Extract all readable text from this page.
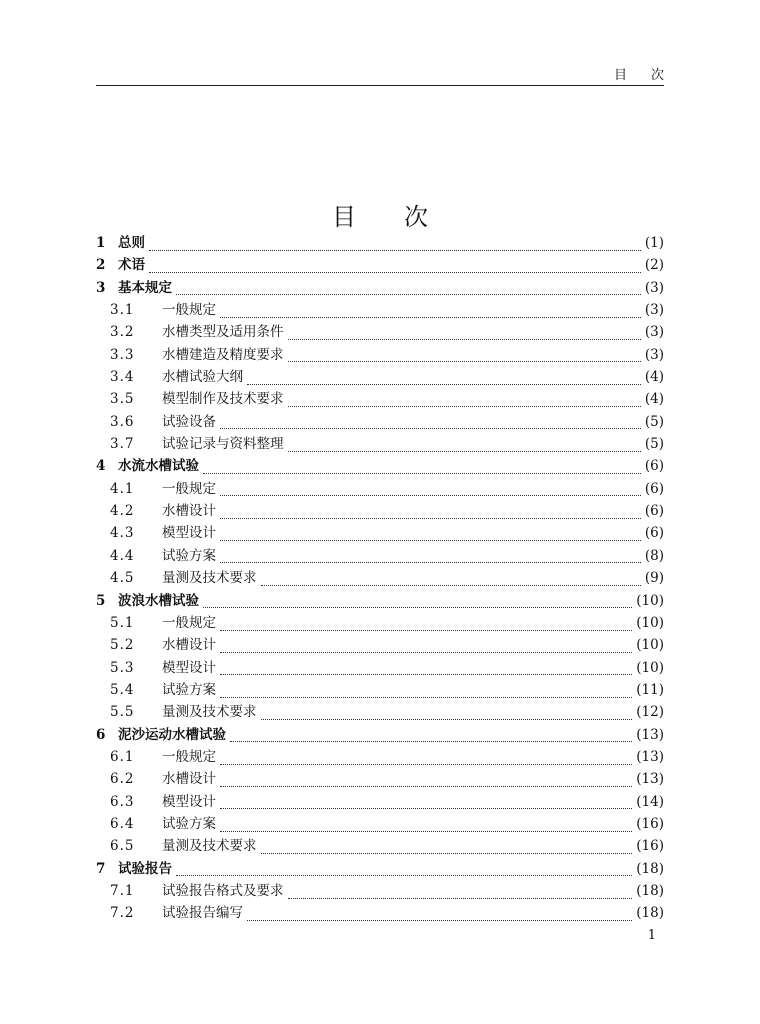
目次
目次
1 总则	(1)
2 术语	(2)
3 基本规定	(3)
3.1	一般规定	(3)
3.2	水槽类型及适用条件	(3)
3.3	水槽建造及精度要求	(3)
3.4	水槽试验大纲	(4)
3.5	模型制作及技术要求	(4)
3.6	试验设备	(5)
3.7	试验记录与资料整理	(5)
4 水流水槽试验	(6)
4.1	一般规定	(6)
4.2	水槽设计	(6)
4.3	模型设计	(6)
4.4	试验方案	(8)
4.5	量测及技术要求	(9)
5 波浪水槽试验	(10)
5.1	一般规定	(10)
5.2	水槽设计	(10)
5.3	模型设计	(10)
5.4	试验方案	(11)
5.5	量测及技术要求	(12)
6 泥沙运动水槽试验	(13)
6.1	一般规定	(13)
6.2	水槽设计	(13)
6.3	模型设计	(14)
6.4	试验方案	(16)
6.5	量测及技术要求	(16)
7 试验报告	(18)
7.1	试验报告格式及要求	(18)
7.2	试验报告编写	(18)
1
